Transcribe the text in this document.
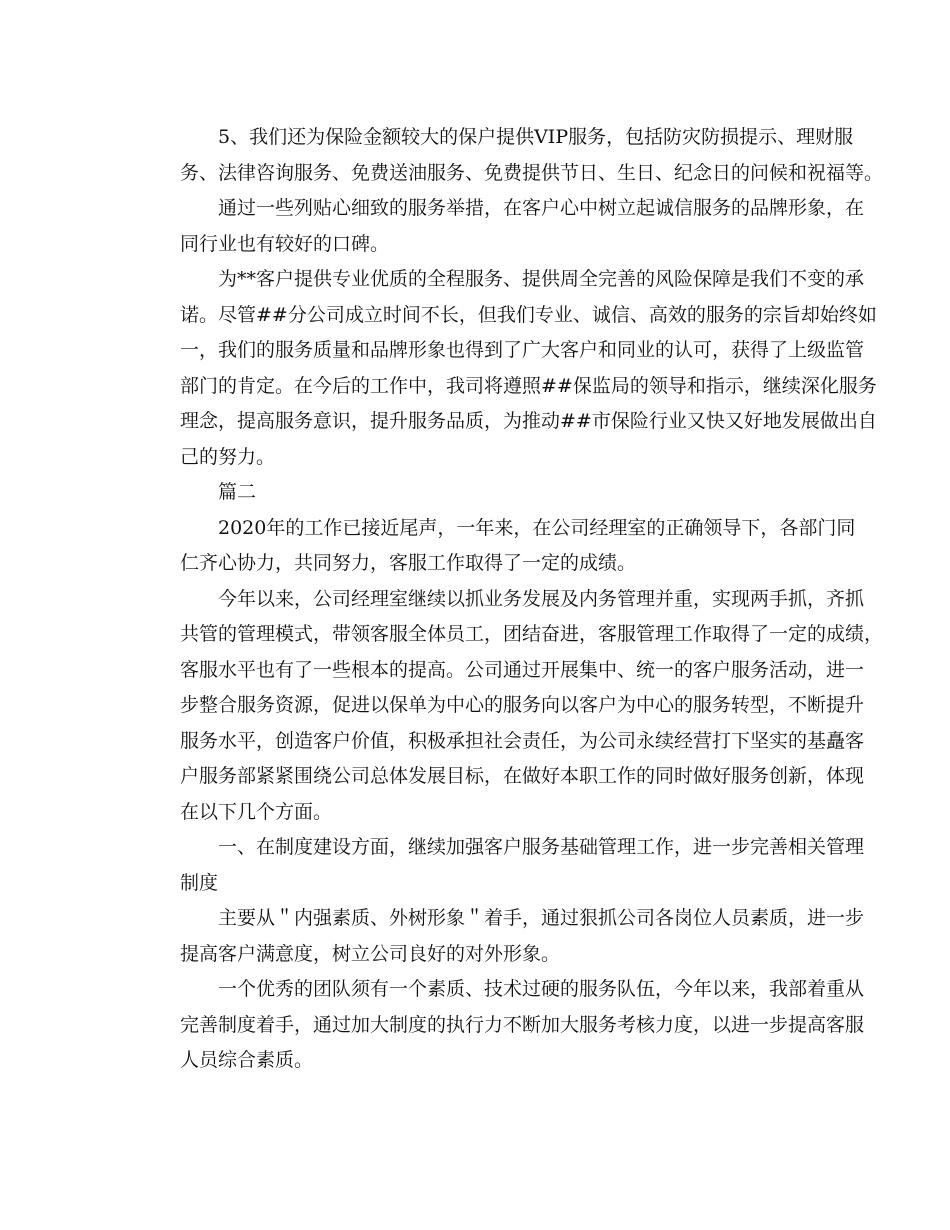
5、我们还为保险金额较大的保户提供VIP服务，包括防灾防损提示、理财服
务、法律咨询服务、免费送油服务、免费提供节日、生日、纪念日的问候和祝福等。
通过一些列贴心细致的服务举措，在客户心中树立起诚信服务的品牌形象，在
同行业也有较好的口碑。
为**客户提供专业优质的全程服务、提供周全完善的风险保障是我们不变的承
诺。尽管##分公司成立时间不长，但我们专业、诚信、高效的服务的宗旨却始终如
一，我们的服务质量和品牌形象也得到了广大客户和同业的认可，获得了上级监管
部门的肯定。在今后的工作中，我司将遵照##保监局的领导和指示，继续深化服务
理念，提高服务意识，提升服务品质，为推动##市保险行业又快又好地发展做出自
己的努力。
篇二
2020年的工作已接近尾声，一年来，在公司经理室的正确领导下，各部门同
仁齐心协力，共同努力，客服工作取得了一定的成绩。
今年以来，公司经理室继续以抓业务发展及内务管理并重，实现两手抓，齐抓
共管的管理模式，带领客服全体员工，团结奋进，客服管理工作取得了一定的成绩，
客服水平也有了一些根本的提高。公司通过开展集中、统一的客户服务活动，进一
步整合服务资源，促进以保单为中心的服务向以客户为中心的服务转型，不断提升
服务水平，创造客户价值，积极承担社会责任，为公司永续经营打下坚实的基矗客
户服务部紧紧围绕公司总体发展目标，在做好本职工作的同时做好服务创新，体现
在以下几个方面。
一、在制度建设方面，继续加强客户服务基础管理工作，进一步完善相关管理
制度
主要从＂内强素质、外树形象＂着手，通过狠抓公司各岗位人员素质，进一步
提高客户满意度，树立公司良好的对外形象。
一个优秀的团队须有一个素质、技术过硬的服务队伍，今年以来，我部着重从
完善制度着手，通过加大制度的执行力不断加大服务考核力度，以进一步提高客服
人员综合素质。
